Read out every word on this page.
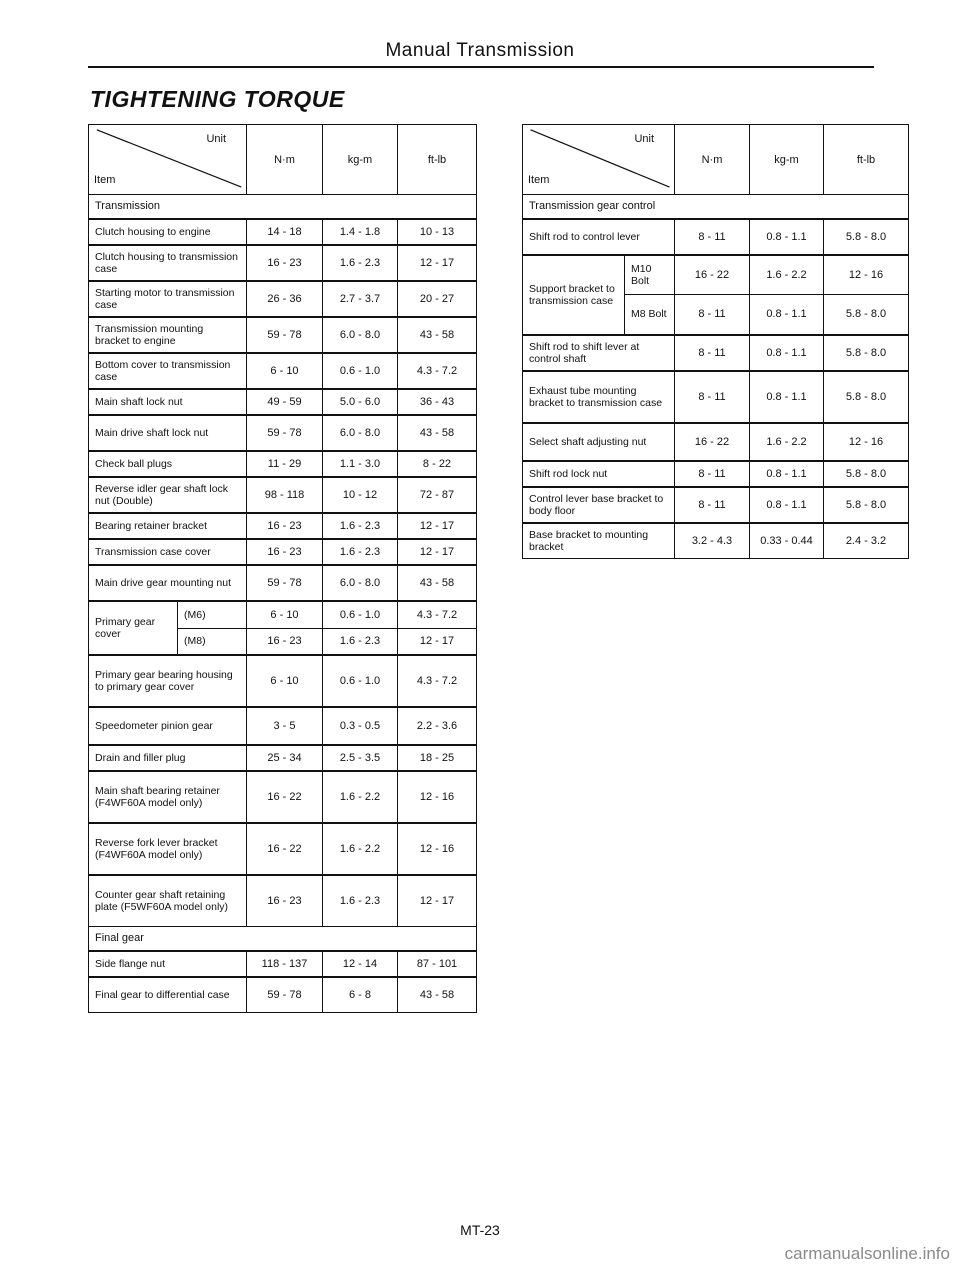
Manual Transmission
TIGHTENING TORQUE
Unit
Item		N·m	kg-m	ft-lb
Transmission				
Clutch housing to engine		14 - 18	1.4 - 1.8	10 - 13
Clutch housing to transmission case		16 - 23	1.6 - 2.3	12 - 17
Starting motor to transmission case		26 - 36	2.7 - 3.7	20 - 27
Transmission mounting bracket to engine		59 - 78	6.0 - 8.0	43 - 58
Bottom cover to transmission case		6 - 10	0.6 - 1.0	4.3 - 7.2
Main shaft lock nut		49 - 59	5.0 - 6.0	36 - 43
Main drive shaft lock nut		59 - 78	6.0 - 8.0	43 - 58
Check ball plugs		11 - 29	1.1 - 3.0	8 - 22
Reverse idler gear shaft lock nut (Double)		98 - 118	10 - 12	72 - 87
Bearing retainer bracket		16 - 23	1.6 - 2.3	12 - 17
Transmission case cover		16 - 23	1.6 - 2.3	12 - 17
Main drive gear mounting nut		59 - 78	6.0 - 8.0	43 - 58
Primary gear cover	(M6)	6 - 10	0.6 - 1.0	4.3 - 7.2
	(M8)	16 - 23	1.6 - 2.3	12 - 17
Primary gear bearing housing to primary gear cover		6 - 10	0.6 - 1.0	4.3 - 7.2
Speedometer pinion gear		3 - 5	0.3 - 0.5	2.2 - 3.6
Drain and filler plug		25 - 34	2.5 - 3.5	18 - 25
Main shaft bearing retainer (F4WF60A model only)		16 - 22	1.6 - 2.2	12 - 16
Reverse fork lever bracket (F4WF60A model only)		16 - 22	1.6 - 2.2	12 - 16
Counter gear shaft retaining plate (F5WF60A model only)		16 - 23	1.6 - 2.3	12 - 17
Final gear				
Side flange nut		118 - 137	12 - 14	87 - 101
Final gear to differential case		59 - 78	6 - 8	43 - 58
Unit
Item		N·m	kg-m	ft-lb
Transmission gear control				
Shift rod to control lever		8 - 11	0.8 - 1.1	5.8 - 8.0
Support bracket to transmission case	M10 Bolt	16 - 22	1.6 - 2.2	12 - 16
	M8 Bolt	8 - 11	0.8 - 1.1	5.8 - 8.0
Shift rod to shift lever at control shaft		8 - 11	0.8 - 1.1	5.8 - 8.0
Exhaust tube mounting bracket to transmission case		8 - 11	0.8 - 1.1	5.8 - 8.0
Select shaft adjusting nut		16 - 22	1.6 - 2.2	12 - 16
Shift rod lock nut		8 - 11	0.8 - 1.1	5.8 - 8.0
Control lever base bracket to body floor		8 - 11	0.8 - 1.1	5.8 - 8.0
Base bracket to mounting bracket		3.2 - 4.3	0.33 - 0.44	2.4 - 3.2
MT-23
carmanualsonline.info
